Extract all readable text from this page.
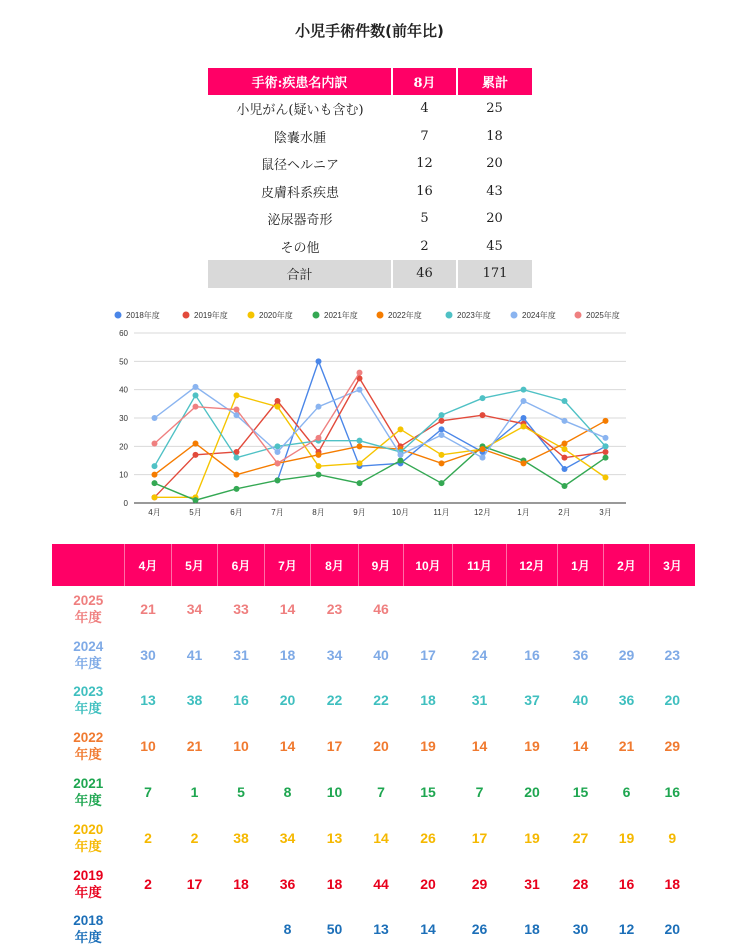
小児手術件数(前年比)
手術:疾患名内訳	8月	累計
小児がん(疑いも含む)	4	25
陰嚢水腫	7	18
鼠径ヘルニア	12	20
皮膚科系疾患	16	43
泌尿器奇形	5	20
その他	2	45
合計	46	171
0
10
20
30
40
50
60
4月	5月	6月	7月	8月	9月	10月	11月	12月	1月	2月	3月
2018年度	2019年度	2020年度	2021年度	2022年度	2023年度	2024年度	2025年度
	4月	5月	6月	7月	8月	9月	10月	11月	12月	1月	2月	3月

2025
年度	21	34	33	14	23	46						

2024
年度	30	41	31	18	34	40	17	24	16	36	29	23

2023
年度	13	38	16	20	22	22	18	31	37	40	36	20

2022
年度	10	21	10	14	17	20	19	14	19	14	21	29

2021
年度	7	1	5	8	10	7	15	7	20	15	6	16

2020
年度	2	2	38	34	13	14	26	17	19	27	19	9

2019
年度	2	17	18	36	18	44	20	29	31	28	16	18

2018
年度				8	50	13	14	26	18	30	12	20
